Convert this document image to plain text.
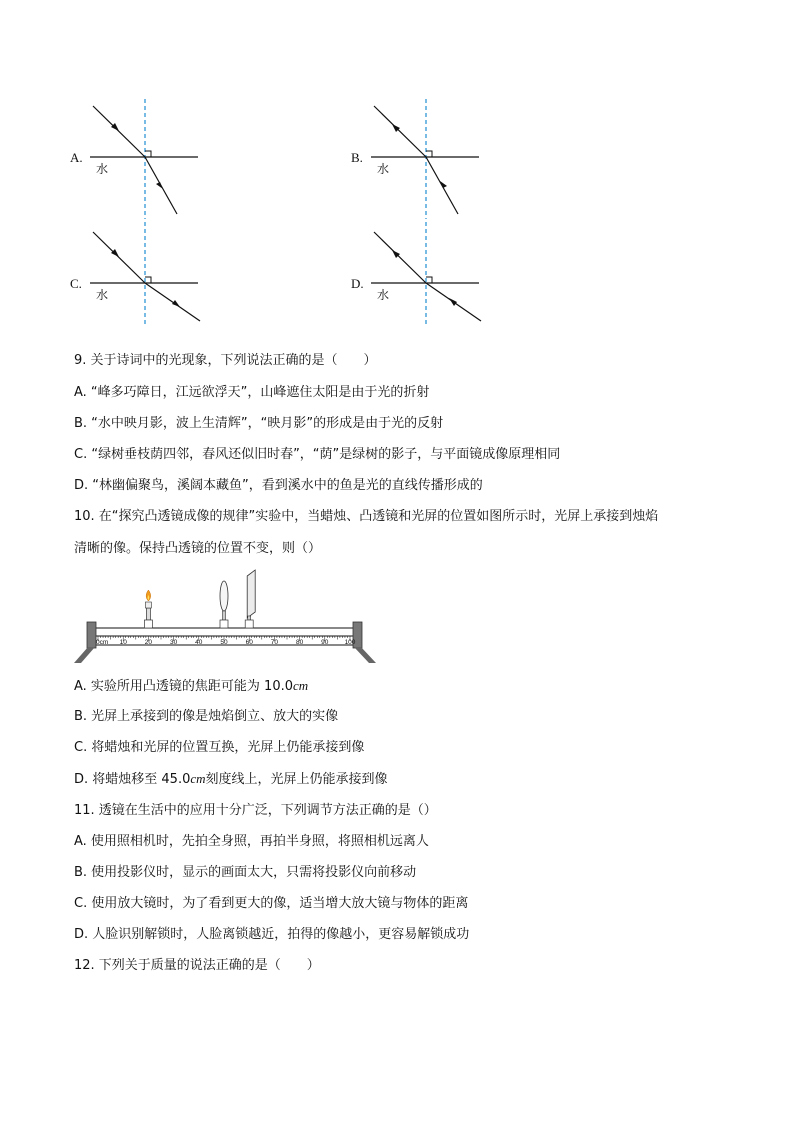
A.
水
B.
水
C.
水
D.
水
9. 关于诗词中的光现象，下列说法正确的是（　　）
A. “峰多巧障日，江远欲浮天”，山峰遮住太阳是由于光的折射
B. “水中映月影，波上生清辉”，“映月影”的形成是由于光的反射
C. “绿树垂枝荫四邻，春风还似旧时春”，“荫”是绿树的影子，与平面镜成像原理相同
D. “林幽偏聚鸟，溪阔本藏鱼”，看到溪水中的鱼是光的直线传播形成的
10. 在“探究凸透镜成像的规律”实验中，当蜡烛、凸透镜和光屏的位置如图所示时，光屏上承接到烛焰
清晰的像。保持凸透镜的位置不变，则（）
0cm 10	20	30	40	50	60	70	80	90 100
A. 实验所用凸透镜的焦距可能为 10.0cm
B. 光屏上承接到的像是烛焰倒立、放大的实像
C. 将蜡烛和光屏的位置互换，光屏上仍能承接到像
D. 将蜡烛移至 45.0cm刻度线上，光屏上仍能承接到像
11. 透镜在生活中的应用十分广泛，下列调节方法正确的是（）
A. 使用照相机时，先拍全身照，再拍半身照，将照相机远离人
B. 使用投影仪时，显示的画面太大，只需将投影仪向前移动
C. 使用放大镜时，为了看到更大的像，适当增大放大镜与物体的距离
D. 人脸识别解锁时，人脸离锁越近，拍得的像越小，更容易解锁成功
12. 下列关于质量的说法正确的是（　　）
